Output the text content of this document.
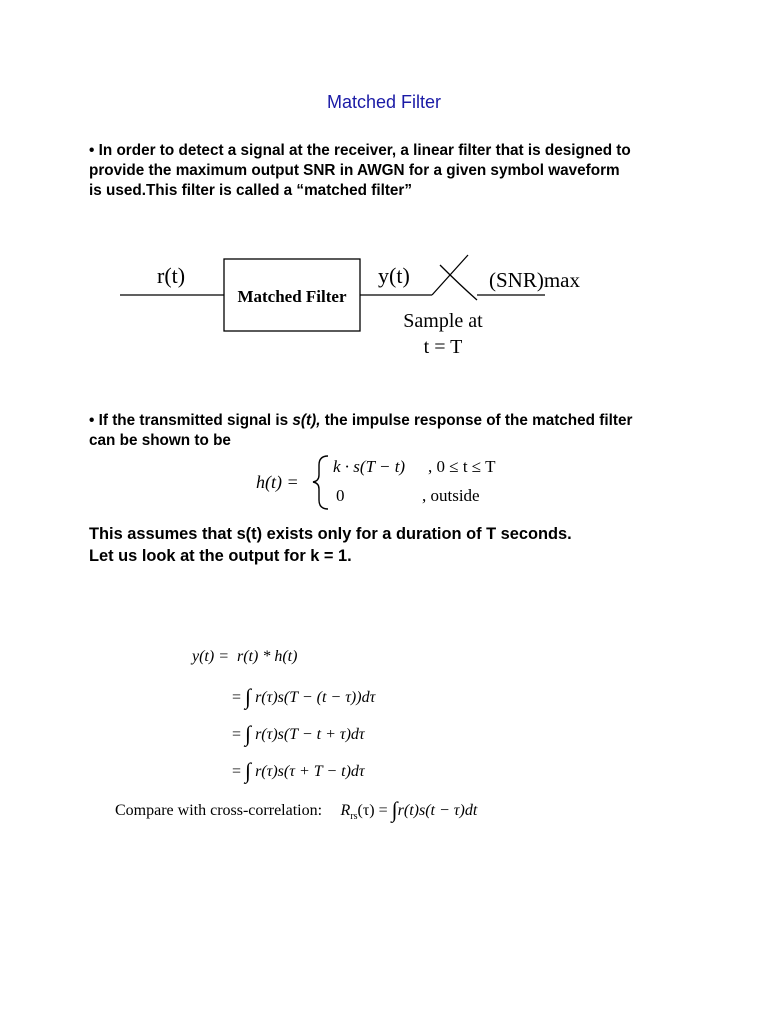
Matched Filter
• In order to detect a signal at the receiver, a linear filter that is designed to
provide the maximum output SNR in AWGN for a given symbol waveform
is used.This filter is called a “matched filter”
r(t)
Matched Filter
y(t)	(SNR)max
Sample at
t = T
• If the transmitted signal is s(t), the impulse response of the matched filter
can be shown to be
h(t) =
k · s(T − t) , 0 ≤ t ≤ T
0	, outside
This assumes that s(t) exists only for a duration of T seconds.
Let us look at the output for k = 1.
y(t) = r(t) * h(t)
= ∫ r(τ)s(T − (t − τ))dτ
= ∫ r(τ)s(T − t + τ)dτ
= ∫ r(τ)s(τ + T − t)dτ
Compare with cross-correlation: $R_{rs}(\tau) = \int r(t)s(t - \tau)dt$
